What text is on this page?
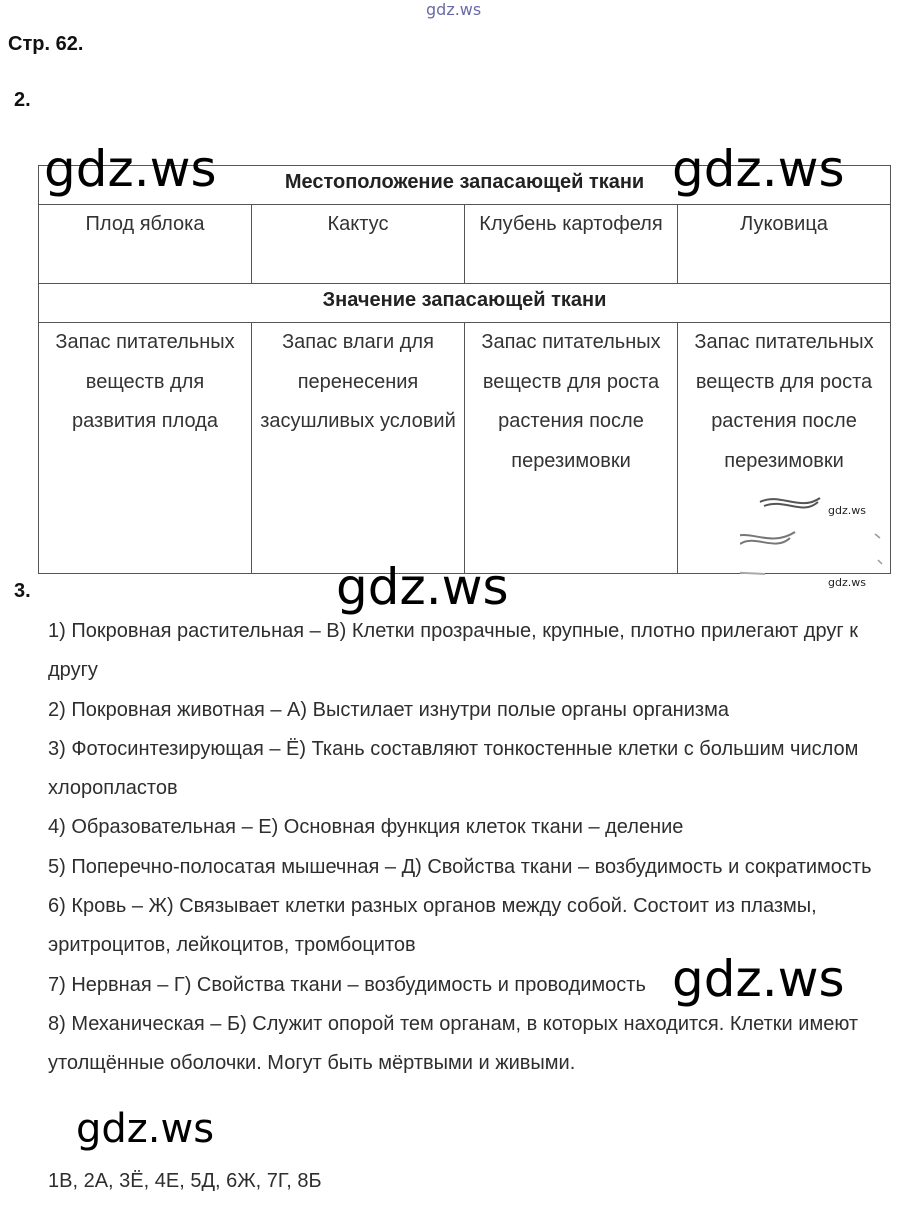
gdz.ws
Стр. 62.
2.
Местоположение запасающей ткани			
Плод яблока	Кактус	Клубень картофеля	Луковица
Значение запасающей ткани			
Запас питательных веществ для развития плода	Запас влаги для перенесения засушливых условий	Запас питательных веществ для роста растения после перезимовки	Запас питательных веществ для роста растения после перезимовки
gdz.ws
gdz.ws
3.

1) Покровная растительная – В) Клетки прозрачные, крупные, плотно прилегают друг к другу

2) Покровная животная – А) Выстилает изнутри полые органы организма

3) Фотосинтезирующая – Ё) Ткань составляют тонкостенные клетки с большим числом хлоропластов

4) Образовательная – Е) Основная функция клеток ткани – деление

5) Поперечно-полосатая мышечная – Д) Свойства ткани – возбудимость и сократимость

6) Кровь – Ж) Связывает клетки разных органов между собой. Состоит из плазмы, эритроцитов, лейкоцитов, тромбоцитов

7) Нервная – Г) Свойства ткани – возбудимость и проводимость

8) Механическая – Б) Служит опорой тем органам, в которых находится. Клетки имеют утолщённые оболочки. Могут быть мёртвыми и живыми.

1В, 2А, 3Ё, 4Е, 5Д, 6Ж, 7Г, 8Б
gdz.ws	gdz.ws
gdz.ws
gdz.ws
gdz.ws
